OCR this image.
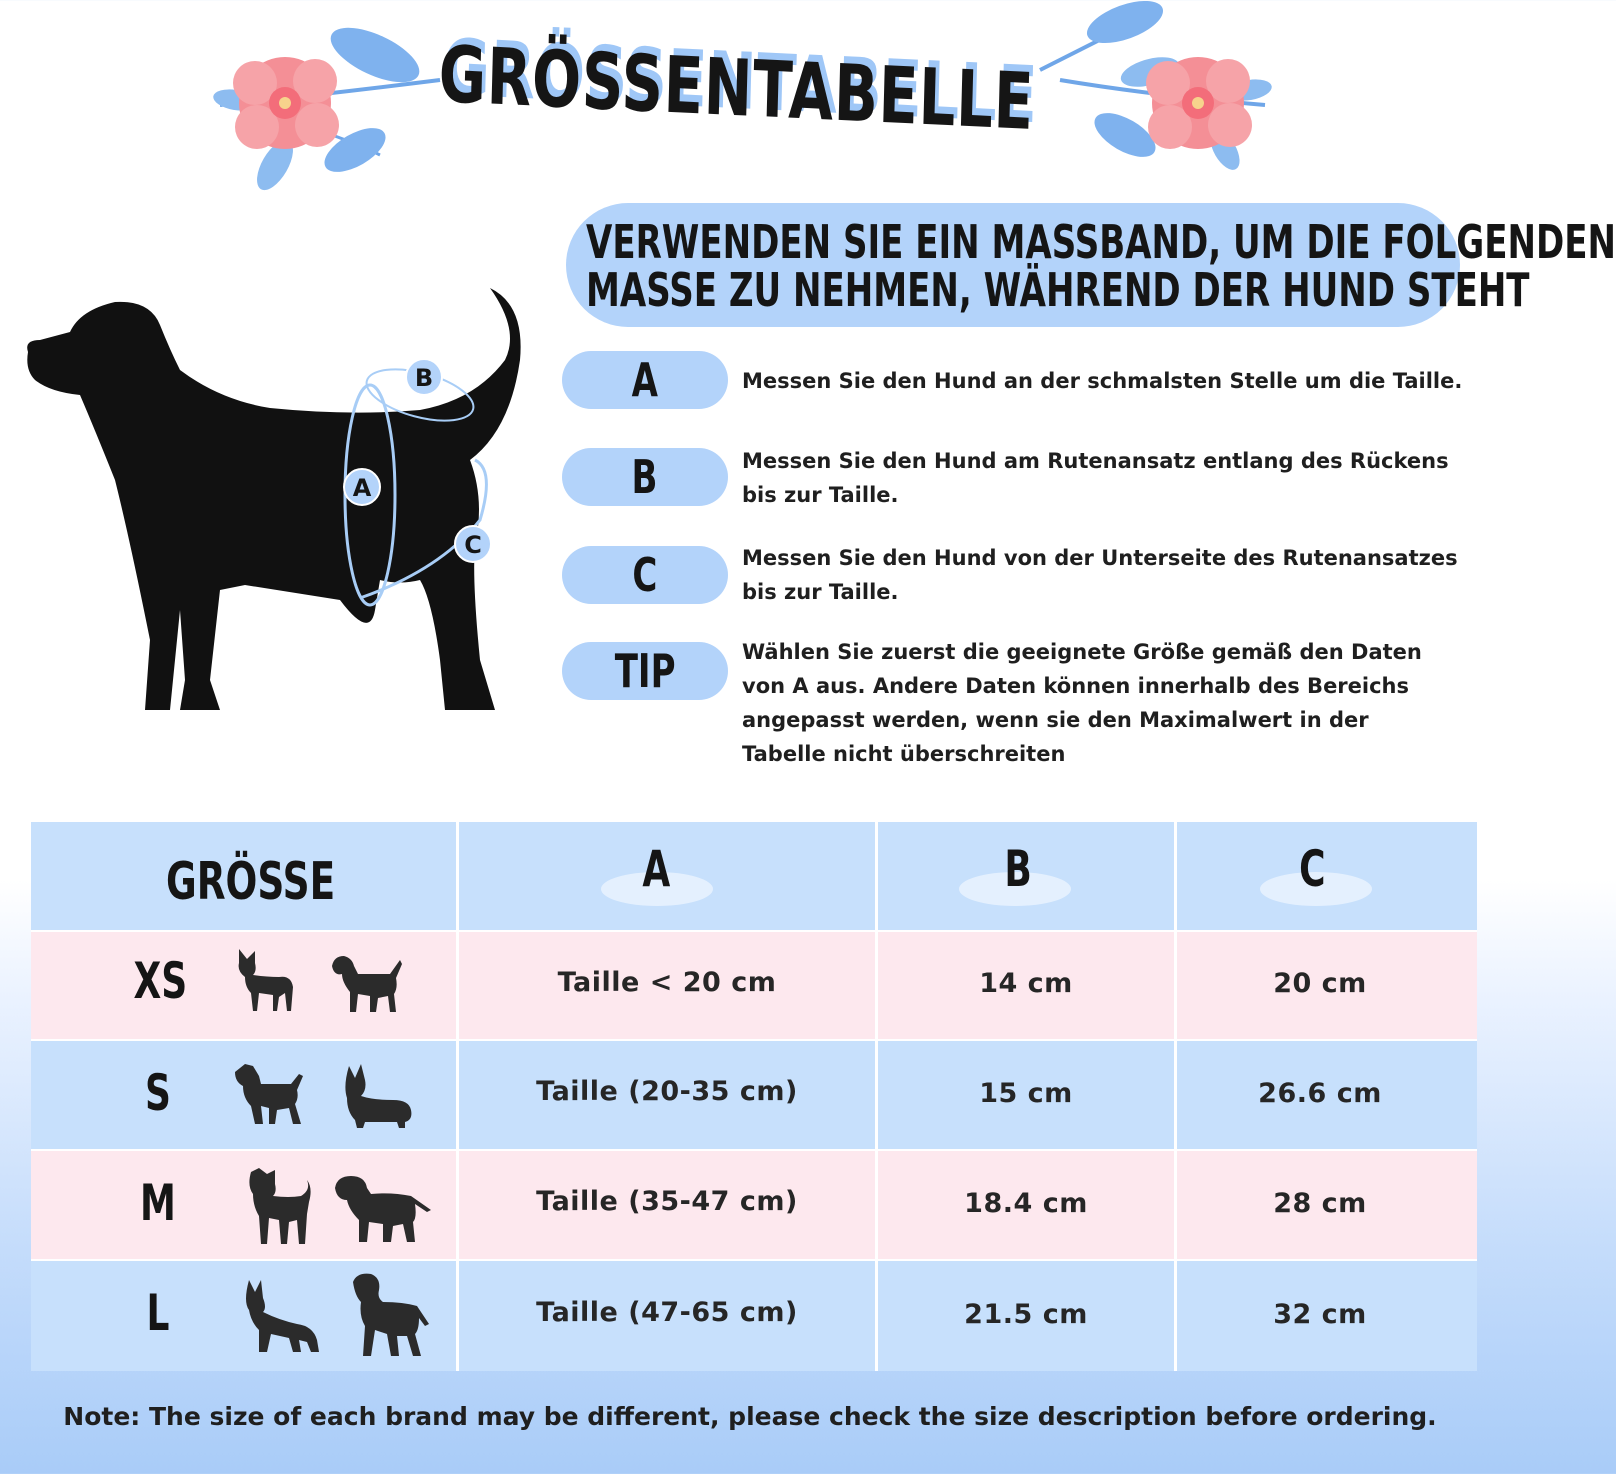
GRÖSSENTABELLE
VERWENDEN SIE EIN MASSBAND, UM DIE FOLGENDEN
MASSE ZU NEHMEN, WÄHREND DER HUND STEHT
B
A
C
A	Messen Sie den Hund an der schmalsten Stelle um die Taille.
B	Messen Sie den Hund am Rutenansatz entlang des Rückens bis zur Taille.
C	Messen Sie den Hund von der Unterseite des Rutenansatzes bis zur Taille.
TIP	Wählen Sie zuerst die geeignete Größe gemäß den Daten von A aus. Andere Daten können innerhalb des Bereichs angepasst werden, wenn sie den Maximalwert in der Tabelle nicht überschreiten
GRÖSSE	A	B	C
XS	Taille < 20 cm	14 cm	20 cm
S	Taille (20-35 cm)	15 cm	26.6 cm
M	Taille (35-47 cm)	18.4 cm	28 cm
L	Taille (47-65 cm)	21.5 cm	32 cm
Note: The size of each brand may be different, please check the size description before ordering.
